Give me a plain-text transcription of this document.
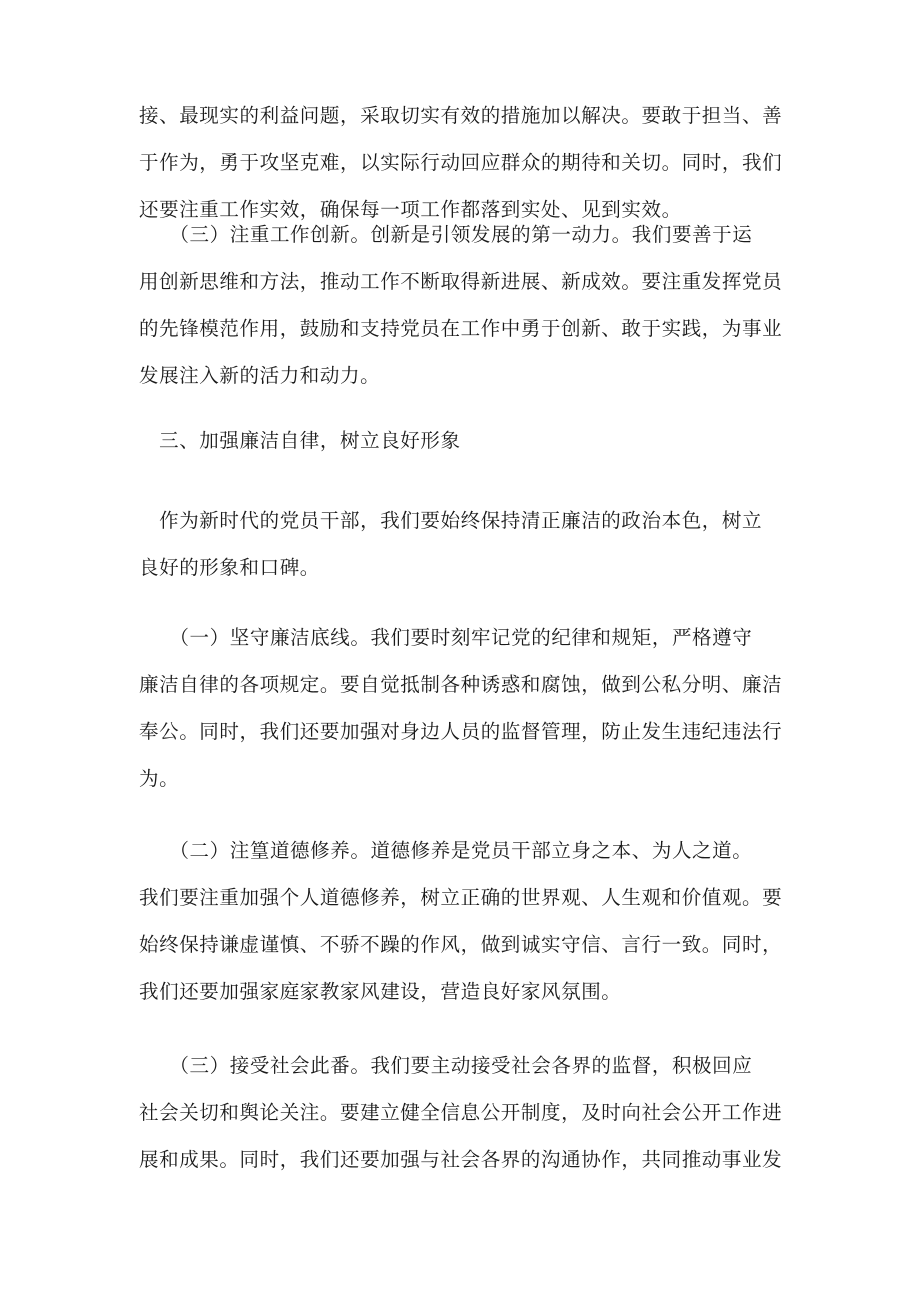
接、最现实的利益问题，采取切实有效的措施加以解决。要敢于担当、善
于作为，勇于攻坚克难，以实际行动回应群众的期待和关切。同时，我们
还要注重工作实效，确保每一项工作都落到实处、见到实效。

　　（三）注重工作创新。创新是引领发展的第一动力。我们要善于运
用创新思维和方法，推动工作不断取得新进展、新成效。要注重发挥党员
的先锋模范作用，鼓励和支持党员在工作中勇于创新、敢于实践，为事业
发展注入新的活力和动力。

　三、加强廉洁自律，树立良好形象

　作为新时代的党员干部，我们要始终保持清正廉洁的政治本色，树立
良好的形象和口碑。

　　（一）坚守廉洁底线。我们要时刻牢记党的纪律和规矩，严格遵守
廉洁自律的各项规定。要自觉抵制各种诱惑和腐蚀，做到公私分明、廉洁
奉公。同时，我们还要加强对身边人员的监督管理，防止发生违纪违法行
为。

　　（二）注篁道德修养。道德修养是党员干部立身之本、为人之道。
我们要注重加强个人道德修养，树立正确的世界观、人生观和价值观。要
始终保持谦虚谨慎、不骄不躁的作风，做到诚实守信、言行一致。同时，
我们还要加强家庭家教家风建设，营造良好家风氛围。

　　（三）接受社会此番。我们要主动接受社会各界的监督，积极回应
社会关切和舆论关注。要建立健全信息公开制度，及时向社会公开工作进
展和成果。同时，我们还要加强与社会各界的沟通协作，共同推动事业发
